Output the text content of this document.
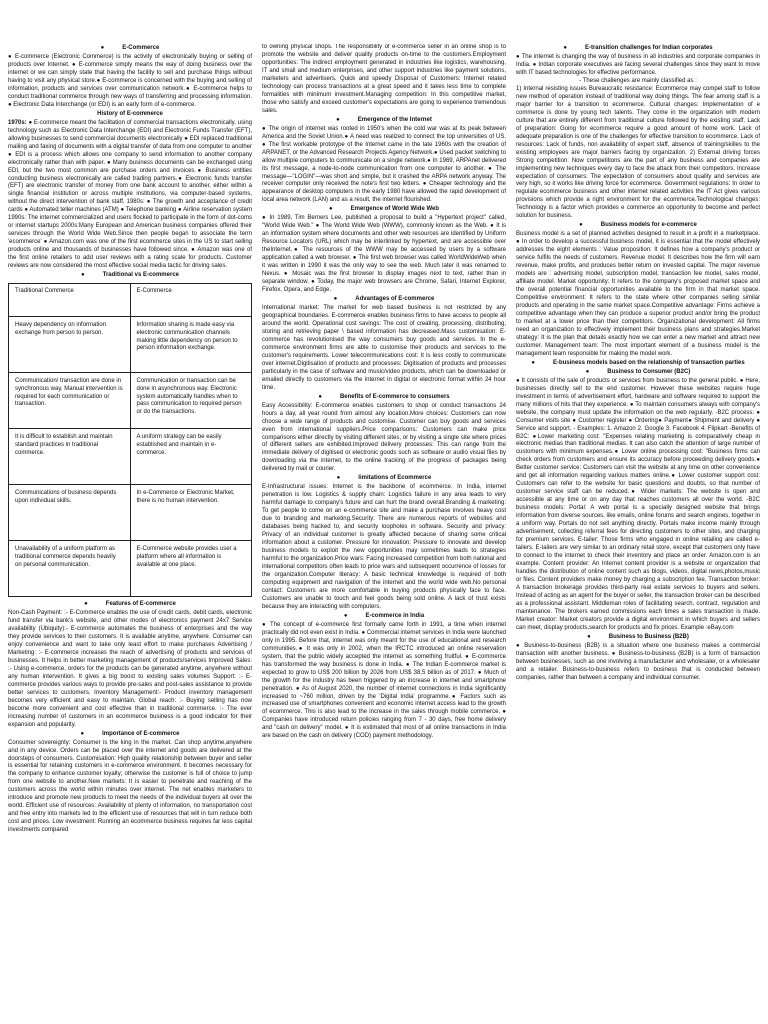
●   E-Commerce

● E-commerce (Electronic Commerce) is the activity of electronically buying or selling of products over Internet. ● E-commerce simply means the way of doing business over the internet or we can simply state that having the facility to sell and purchase things without having to visit any physical store.● E-commerce is concerned with the buying and selling of information, products and services over communication network.● E-commerce helps to conduct traditional commerce through new ways of transferring and processing information. ● Electronic Data Interchange (or EDI) is an early form of e-commerce.

History of E-commerce

1970s: ● E-commerce meant the facilitation of commercial transactions electronically, using technology such as Electronic Data Interchange (EDI) and Electronic Funds Transfer (EFT), allowing businesses to send commercial documents electronically ● EDI replaced traditional mailing and faxing of documents with a digital transfer of data from one computer to another ● EDI is a process which allows one company to send information to another company electronically rather than with paper. ● Many business documents can be exchanged using EDI, but the two most common are purchase orders and invoices.● Business entities conducting business electronically are called trading partners.● Electronic funds transfer (EFT) are electronic transfer of money from one bank account to another, either within a single financial institution or across multiple institutions, via computer-based systems, without the direct intervention of bank staff. 1980s: ● The growth and acceptance of credit cards ● Automated teller machines (ATM) ● Telephone banking ● Airline reservation system 1990s: The internet commercialized and users flocked to participate in the form of dot-coms or internet startups 2000s:Many European and American business companies offered their services through the World Wide Web.Since then people began to associate the term 'ecommerce' ● Amazon.com was one of the first ecommerce sites in the US to start selling products online and thousands of businesses have followed since. ● Amazon was one of the first online retailers to add user reviews with a rating scale for products. Customer reviews are now considered the most effective social media tactic for driving sales.

●   Traditional vs E-commerce

Traditional Commerce	E-Commerce
Heavy dependency on information exchange from person to person.	Information sharing is made easy via electronic communication channels making little dependency on person to person information exchange.
Communication/ transaction are done in synchronous way. Manual intervention is required for each communication or transaction.	Communication or transaction can be done in asynchronous way. Electronic system automatically handles when to pass communication to required person or do the transactions.
It is difficult to establish and maintain standard practices in traditional commerce.	A uniform strategy can be easily established and maintain in e-commerce.
Communications of business depends upon individual skills.	In e-Commerce or Electronic Market, there is no human intervention.
Unavailability of a uniform platform as traditional commerce depends heavily on personal communication.	E-Commerce website provides user a platform where all information is available at one place.

●   Features of E-commerce

Non-Cash Payment: :- E-Commerce enables the use of credit cards, debit cards, electronic fund transfer via bank's website, and other modes of electronics payment 24x7 Service availability (Ubiquity):- E-commerce automates the business of enterprises and the way they provide services to their customers. It is available anytime, anywhere. Consumer can enjoy convenience and want to take only least effort to make purchases Advertising / Marketing: :- E-commerce increases the reach of advertising of products and services of businesses. It helps in better marketing management of products/services Improved Sales: :- Using e-commerce, orders for the products can be generated anytime, anywhere without any human intervention. It gives a big boost to existing sales volumes Support: :- E-commerce provides various ways to provide pre-sales and post-sales assistance to provide better services to customers. Inventory Management:- Product inventory management becomes very efficient and easy to maintain. Global reach: :- Buying selling has now become more convenient and cost effective than in traditional commerce. :- The ever increasing number of customers in an ecommerce business is a good indicator for their expansion and popularity.

●   Importance of E-commerce

Consumer sovereignty: Consumer is the king in the market. Can shop anytime,anywhere and in any device. Orders can be placed over the internet and goods are delivered at the doorsteps of consumers. Customisation: High quality relationship between buyer and seller is essential for retaining customers in e-commerce environment. It becomes necessary for the company to enhance customer loyalty; otherwise the customer is full of choice to jump from one website to another.New markets: It is easier to penetrate and reaching of the customers across the world within minutes over internet. The net enables marketers to introduce and promote new products to meet the needs of the individual buyers all over the world. Efficient use of resources: Availability of plenty of information, no transportation cost and free entry into markets led to the efficient use of resources that will in turn reduce both cost and prices. Low investment: Running an ecommerce business requires far less capital investments compared

to owning physical shops. The responsibility of e-commerce seller in an online shop is to promote the website and deliver quality products on-time to the customers.Employment opportunities: The indirect employment generated in industries like logistics, warehousing, IT and small and medium enterprises, and other support industries like payment solutions, marketers and advertisers. Quick and speedy Disposal of Customers: Internet related technology can process transactions at a great speed and it takes less time to complete formalities with minimum investment.Managing competition: In this competitive market, those who satisfy and exceed customer's expectations are going to experience tremendous sales.

●   Emergence of the Internet

● The origin of internet was rooted in 1950's when the cold war was at its peak between America and the Soviet Union.● A need was realized to connect the top universities of US. ● The first workable prototype of the Internet came in the late 1960s with the creation of ARPANET, or the Advanced Research Projects Agency Network.● Used packet switching to allow multiple computers to communicate on a single network.● In 1969, ARPAnet delivered its first message, a node-to-node communication from one computer to another. ● The message—"LOGIN"—was short and simple, but it crashed the ARPA network anyway. The receiver computer only received the note's first two letters. ● Cheaper technology and the appearance of desktop computers in the early 1980 have allowed the rapid development of local area network (LAN) and as a result, the internet flourished.

●   Emergence of World Wide Web

● In 1989, Tim Berners Lee, published a proposal to build a "Hypertext project" called, "World Wide Web." ● The World Wide Web (WWW), commonly known as the Web. ● It is an information system where documents and other web resources are identified by Uniform Resource Locators (URL) which may be interlinked by hypertext, and are accessible over theInternet.● The resources of the WWW may be accessed by users by a software application called a web browser. ● The first web browser was called WorldWideWeb when it was written in 1990 it was the only way to see the web. Much later it was renamed to Nexus. ● Mosaic was the first browser to display images next to text, rather than in separate window. ● Today, the major web browsers are Chrome, Safari, Internet Explorer, Firefox, Opera, and Edge.

●   Advantages of E-commerce

International market: The market for web based business is not restricted by any geographical boundaries. E-commerce enables business firms to have access to people all around the world. Operational cost savings: The cost of creating, processing, distributing, storing and retrieving paper \ based information has decreased.Mass customisation: E-commerce has revolutionised the way consumers buy goods and services. In the e-commerce environment firms are able to customise their products and services to the customer's requirements. Lower telecommunications cost: It is less costly to communicate over internet.Digitisation of products and processes: Digitisation of products and processes particularly in the case of software and music/video products, which can be downloaded or emailed directly to customers via the internet in digital or electronic format within 24 hour time.

●   Benefits of E-commerce to consumers

Easy Accessibility: E-commerce enables customers to shop or conduct transactions 24 hours a day, all year round from almost any location.More choices: Customers can now choose a wide range of products and customise. Customer can buy goods and services even from international suppliers.Price comparisons: Customers can make price comparisons either directly by visiting different sites, or by visiting a single site where prices of different sellers are exhibited.Improved delivery processes: This can range from the immediate delivery of digitised or electronic goods such as software or audio visual files by downloading via the internet, to the online tracking of the progress of packages being delivered by mail or courier.

●   limitations of Ecommerce

E-Infrastructural issues: Internet is the backbone of ecommerce. In India, internet penetration is low. Logistics & supply chain: Logistics failure in any area leads to very harmful damage to company's future and can hurt the brand overall.Branding & marketing: To get people to come on an e-commerce site and make a purchase involves heavy cost due to branding and marketing.Security: There are numerous reports of websites and databases being hacked to, and security loopholes in software. Security and privacy: Privacy of an individual customer is greatly affected because of sharing some critical information about a customer. Pressure for innovation: Pressure to innovate and develop business models to exploit the new opportunities may sometimes leads to strategies harmful to the organization.Price wars: Facing increased competition from both national and international competitors often leads to price wars and subsequent occurrence of losses for the organization.Computer literacy: A basic technical knowledge is required of both computing equipment and navigation of the internet and the world wide web.No personal contact: Customers are more comfortable in buying products physically face to face. Customers are unable to touch and feel goods being sold online. A lack of trust exists because they are interacting with computers.

●   E-commerce in India

● The concept of e-commerce first formally came forth in 1991, a time when internet practically did not even exist in India. ● Commercial internet services in India were launched only in 1995. Before that, internet was only meant for the use of educational and research communities.● It was only in 2002, when the IRCTC introduced an online reservation system, that the public widely accepted the internet as something fruitful. ● E-commerce has transformed the way business is done in India. ● The Indian E-commerce market is expected to grow to US$ 200 billion by 2026 from US$ 38.5 billion as of 2017. ● Much of the growth for the industry has been triggered by an increase in internet and smartphone penetration. ● As of August 2020, the number of internet connections in India significantly increased to ~760 million, driven by the 'Digital India' programme.● Factors such as increased use of smartphones convenient and economic internet access lead to the growth of ecommerce. This is also lead to the increase in the sales through mobile commerce. ● Companies have introduced return policies ranging from 7 - 30 days, free home delivery and "cash on delivery" model. ● It is estimated that most of all online transactions in India are based on the cash on delivery (COD) payment methodology.

●   E-transition challenges for Indian corporates

● The internet is changing the way of business in all industries and corporate companies in India. ● Indian corporate executives are facing several challenges since they want to move with IT based technologies for effective performance.

- These challenges are mainly classified as :

1) Internal resisting issues Bureaucratic resistance: Ecommerce may compel staff to follow new method of operation instead of traditional way doing things. The fear among staff is a major barrier for a transition to ecommerce. Cultural changes: Implementation of e commerce is done by young tech talents. They come in the organization with modern culture that are entirely different from traditional culture followed by the existing staff. Lack of preparation: Going for ecommerce require a good amount of home work. Lack of adequate preparation is one of the challenges for effective transition to ecommerce. Lack of resources: Lack of funds, non availability of expert staff, absence of training/skilles to the existing employees are major barriers facing by organization. 2) External driving forces Strong competition: Now competitions are the part of any business and companies are implementing new techniques every day to face the attack from their competitors. Increase expectation of consumers: The expectation of consumers about quality and services are very high, so it works like driving force for ecommerce. Government regulations: In order to regulate ecommerce business and other internet related activities the IT Act gives various provisions which provide a right environment for the ecommerce.Technological changes: Technology is a factor which provides e commerce an opportunity to become and perfect solution for business.

●   Business models for e-commerce

Business model is a set of planned activities designed to result in a profit in a marketplace. ● In order to develop a successful business model, it is essential that the model effectively addresses the eight elements : Value proposition: It defines how a company's product or service fulfils the needs of customers. Revenue model: It describes how the firm will earn revenue, make profits, and produces better return on invested capital. The major revenue models are : advertising model, subscription model, transaction fee model, sales model, affiliate model. Market opportunity: It refers to the company's proposed market space and the overall potential financial opportunities available to the firm in that market space. Competitive environment: It refers to the state where other companies selling similar products and operating in the same market space.Competitive advantage: Firms achieve a competitive advantage when they can produce a superior product and/or bring the product to market at a lower price than their competitors. Organizational development: All firms need an organization to effectively implement their business plans and strategies.Market strategy: It is the plan that details exactly how we can enter a new market and attract new customer. Management team: The most important element of a business model is the management team responsible for making the model work.

●   E-business models based on the relationship of transaction parties

●   Business to Consumer (B2C)

● It consists of the sale of products or services from business to the general public. ● Here, businesses directly sell to the end customer. However these websites require huge investment in terms of advertisement effort, hardware and software required to support the many millions of hits that they experience. ● To maintain consumers always with company's website, the company must update the information on the web regularly. -B2C process: ● Consumer visits site ● Customer register ● Ordering● Payment● Shipment and delivery ● Service and support. - Examples: 1. Amazon 2. Google 3. Facebook 4. Flipkart -Benefits of B2C: ●Lower marketing cost: "Expenses relating marketing is comparatively cheap in electronic medias than traditional medias. It can also catch the attention of large number of customers with minimum expenses.● Lower online processing cost: "Business firms can check orders from customers and ensure its accuracy before proceeding delivery goods.● Better customer service: Customers can visit the website at any time on other convenience and get all information regarding various matters online.● Lower customer support cost: Customers can refer to the website for basic questions and doubts, so that number of customer service staff can be reduced.● Wider markets: The website is open and accessible at any time or on any day that reaches customers all over the world. -B2C business models: Portal: A web portal is a specially designed website that brings information from diverse sources, like emails, online forums and search engines, together in a uniform way. Portals do not sell anything directly. Portals make income mainly through advertisement, collecting referral fees for directing customers to other sites, and charging for premium services. E-tailer: Those firms who engaged in online retailing are called e-tailers. E-tailers are very similar to an ordinary retail store, except that customers only have to connect to the internet to check their inventory and place an order. Amazon.com is an example. Content provider: An Internet content provider is a website or organization that handles the distribution of online content such as blogs, videos, digital news,photos,music or files. Content providers make money by charging a subscription fee. Transaction broker: A transaction brokerage provides third-party real estate services to buyers and sellers. Instead of acting as an agent for the buyer or seller, the transaction broker can be described as a professional assistant. Middleman roles of facilitating search, contract, regulation and maintenance. The brokers earned commissions each times a sales transaction is made. Market creator: Market creators provide a digital environment in which buyers and sellers can meet, display products,search for products and fix prices. Example :eBay.com

●   Business to Business (B2B)

● Business-to-business (B2B) is a situation where one business makes a commercial transaction with another business. ● Business-to-business (B2B) is a form of transaction between businesses, such as one involving a manufacturer and wholesaler, or a wholesaler and a retailer. Business-to-business refers to business that is conducted between companies, rather than between a company and individual consumer.
